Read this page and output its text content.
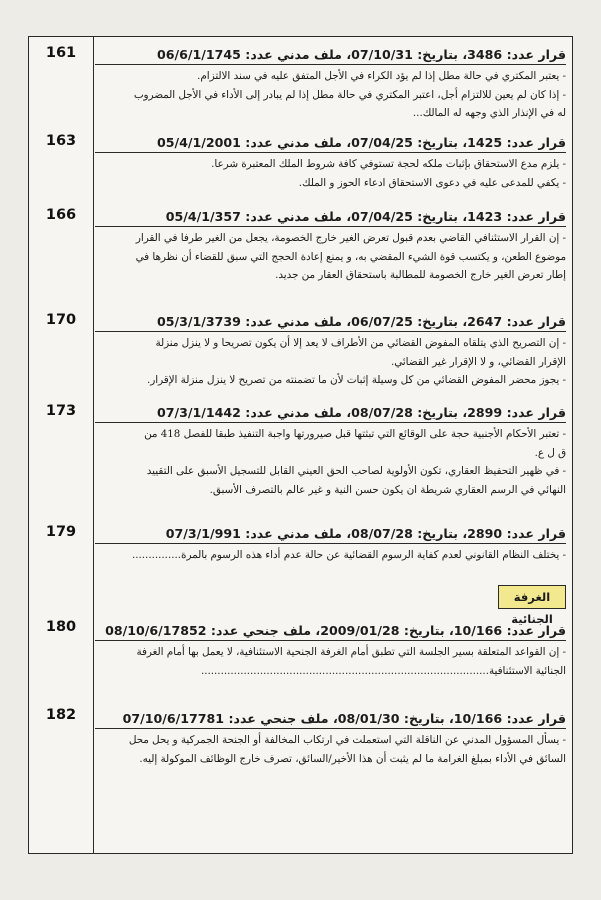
161
163
166
170
173
179
180
182

قرار عدد: 3486، بتاريخ: 07/10/31، ملف مدني عدد: 06/6/1/1745

- يعتبر المكتري في حالة مطل إذا لم يؤد الكراء في الأجل المتفق عليه في سند الالتزام.

- إذا كان لم يعين للالتزام أجل، اعتبر المكتري في حالة مطل إذا لم يبادر إلى الأداء في الأجل المضروب

له في الإنذار الذي وجهه له المالك...

قرار عدد: 1425، بتاريخ: 07/04/25، ملف مدني عدد: 05/4/1/2001

- يلزم مدع الاستحقاق بإثبات ملكه لحجة تستوفي كافة شروط الملك المعتبرة شرعا.

- يكفي للمدعى عليه في دعوى الاستحقاق ادعاء الحوز و الملك.

قرار عدد: 1423، بتاريخ: 07/04/25، ملف مدني عدد: 05/4/1/357

- إن القرار الاستئنافي القاضي بعدم قبول تعرض الغير خارج الخصومة، يجعل من الغير طرفا في القرار

موضوع الطعن، و يكتسب قوة الشيء المقضي به، و يمنع إعادة الحجج التي سبق للقضاء أن نظرها في

إطار تعرض الغير خارج الخصومة للمطالبة باستحقاق العقار من جديد.

قرار عدد: 2647، بتاريخ: 06/07/25، ملف مدني عدد: 05/3/1/3739

- إن التصريح الذي يتلقاه المفوض القضائي من الأطراف لا يعد إلا أن يكون تصريحا و لا ينزل منزلة

الإقرار القضائي، و لا الإقرار غير القضائي.

- يجوز محضر المفوض القضائي من كل وسيلة إثبات لأن ما تضمنته من تصريح لا ينزل منزلة الإقرار.

قرار عدد: 2899، بتاريخ: 08/07/28، ملف مدني عدد: 07/3/1/1442

- تعتبر الأحكام الأجنبية حجة على الوقائع التي تبثتها قبل صيرورتها واجبة التنفيذ طبقا للفصل 418 من

ق ل ع.

- في ظهير التحفيظ العقاري، تكون الأولوية لصاحب الحق العيني القابل للتسجيل الأسبق على التقييد

النهائي في الرسم العقاري شريطة ان يكون حسن النية و غير عالم بالتصرف الأسبق.

قرار عدد: 2890، بتاريخ: 08/07/28، ملف مدني عدد: 07/3/1/991

- يختلف النظام القانوني لعدم كفاية الرسوم القضائية عن حالة عدم أداء هذه الرسوم بالمرة...............

الغرفة الجنائية

قرار عدد: 10/166، بتاريخ: 2009/01/28، ملف جنحي عدد: 08/10/6/17852

- إن القواعد المتعلقة بسير الجلسة التي تطبق أمام الغرفة الجنحية الاستئنافية، لا يعمل بها أمام الغرفة

الجنائية الاستئنافية........................................................................................

قرار عدد: 10/166، بتاريخ: 08/01/30، ملف جنحي عدد: 07/10/6/17781

- يسأل المسؤول المدني عن الناقلة التي استعملت في ارتكاب المخالفة أو الجنحة الجمركية و يحل محل

السائق في الأداء بمبلغ الغرامة ما لم يثبت أن هذا الأخير/السائق، تصرف خارج الوظائف الموكولة إليه.
